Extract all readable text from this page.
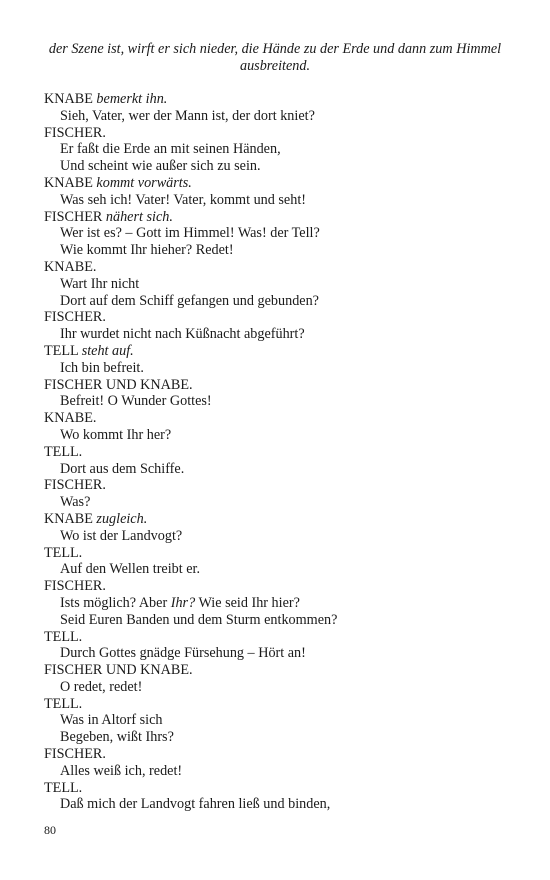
der Szene ist, wirft er sich nieder, die Hände zu der Erde und dann zum Himmel ausbreitend.
KNABE bemerkt ihn.
Sieh, Vater, wer der Mann ist, der dort kniet?
FISCHER.
Er faßt die Erde an mit seinen Händen,
Und scheint wie außer sich zu sein.
KNABE kommt vorwärts.
Was seh ich! Vater! Vater, kommt und seht!
FISCHER nähert sich.
Wer ist es? – Gott im Himmel! Was! der Tell?
Wie kommt Ihr hieher? Redet!
KNABE.
Wart Ihr nicht
Dort auf dem Schiff gefangen und gebunden?
FISCHER.
Ihr wurdet nicht nach Küßnacht abgeführt?
TELL steht auf.
Ich bin befreit.
FISCHER UND KNABE.
Befreit! O Wunder Gottes!
KNABE.
Wo kommt Ihr her?
TELL.
Dort aus dem Schiffe.
FISCHER.
Was?
KNABE zugleich.
Wo ist der Landvogt?
TELL.
Auf den Wellen treibt er.
FISCHER.
Ists möglich? Aber Ihr? Wie seid Ihr hier?
Seid Euren Banden und dem Sturm entkommen?
TELL.
Durch Gottes gnädge Fürsehung – Hört an!
FISCHER UND KNABE.
O redet, redet!
TELL.
Was in Altorf sich
Begeben, wißt Ihrs?
FISCHER.
Alles weiß ich, redet!
TELL.
Daß mich der Landvogt fahren ließ und binden,
80
